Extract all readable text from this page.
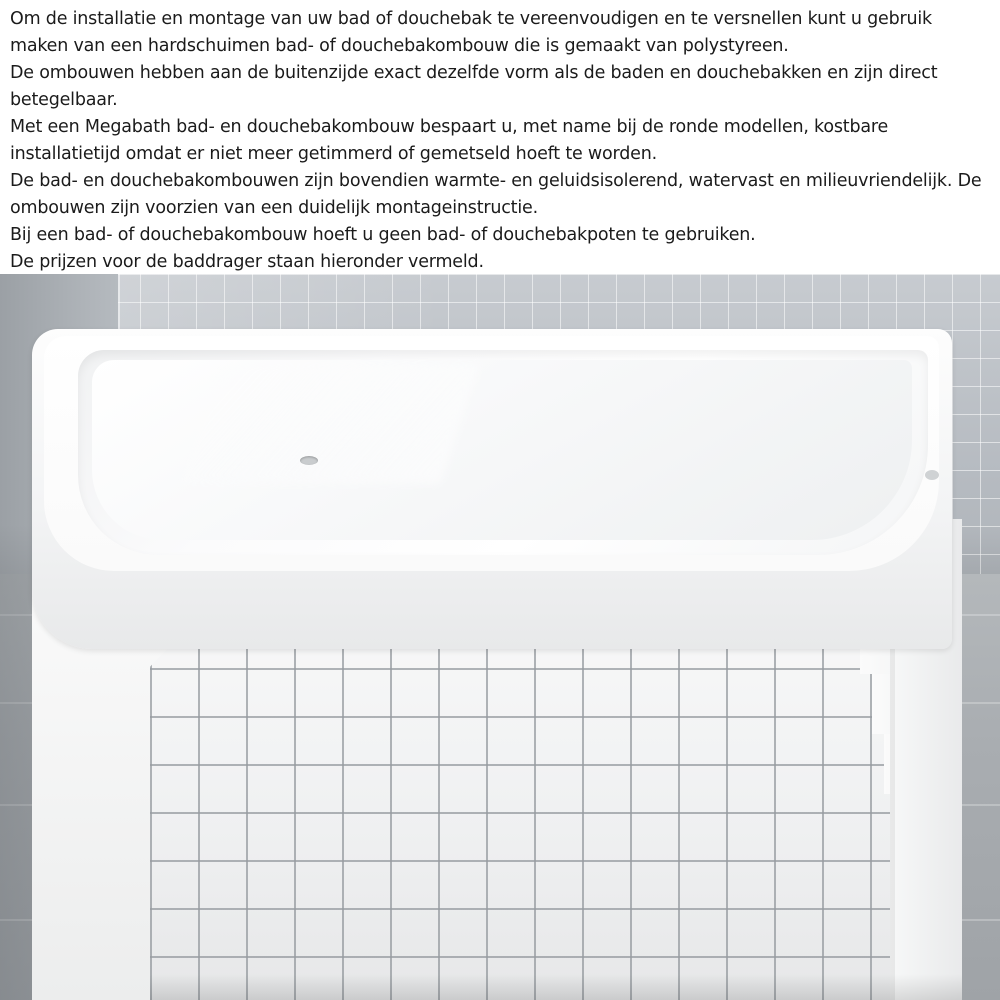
Om de installatie en montage van uw bad of douchebak te vereenvoudigen en te versnellen kunt u gebruik maken van een hardschuimen bad- of douchebakombouw die is gemaakt van polystyreen.

De ombouwen hebben aan de buitenzijde exact dezelfde vorm als de baden en douchebakken en zijn direct betegelbaar.

Met een Megabath bad- en douchebakombouw bespaart u, met name bij de ronde modellen, kostbare installatietijd omdat er niet meer getimmerd of gemetseld hoeft te worden.

De bad- en douchebakombouwen zijn bovendien warmte- en geluidsisolerend, watervast en milieuvriendelijk. De ombouwen zijn voorzien van een duidelijk montageinstructie.

Bij een bad- of douchebakombouw hoeft u geen bad- of douchebakpoten te gebruiken.

De prijzen voor de baddrager staan hieronder vermeld.
